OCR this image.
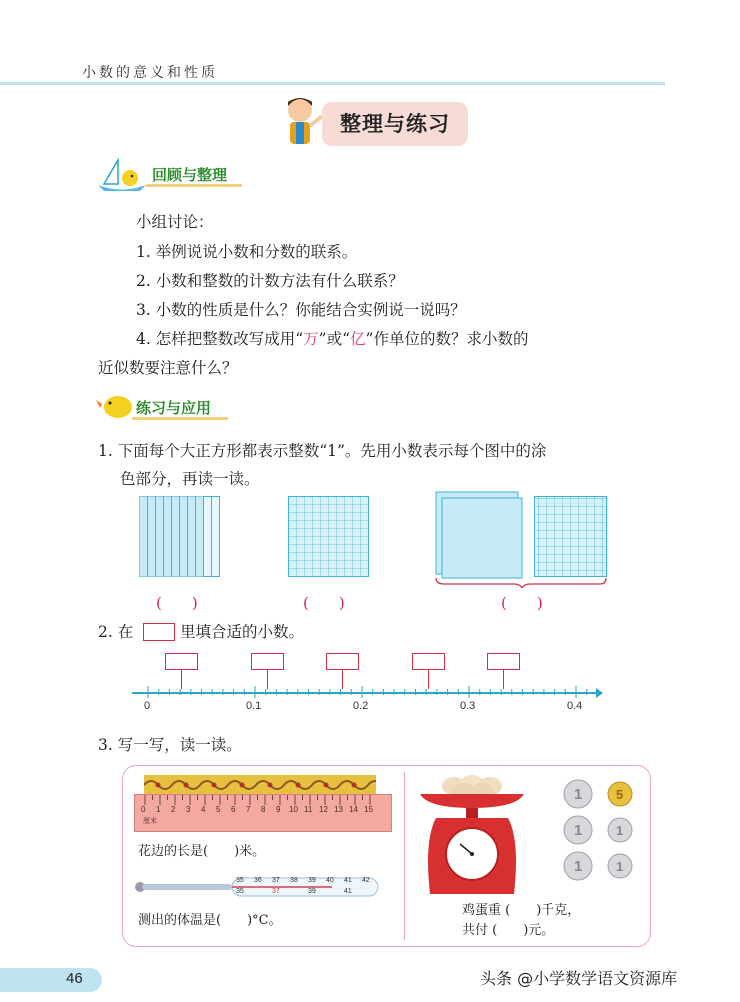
小数的意义和性质
整理与练习
回顾与整理
小组讨论：
1. 举例说说小数和分数的联系。
2. 小数和整数的计数方法有什么联系？
3. 小数的性质是什么？你能结合实例说一说吗？
4. 怎样把整数改写成用“万”或“亿”作单位的数？求小数的
近似数要注意什么？
练习与应用
1. 下面每个大正方形都表示整数“1”。先用小数表示每个图中的涂
色部分，再读一读。
(　　)	(　　)	(　　)
2. 在	里填合适的小数。
0	0.1	0.2	0.3	0.4
3. 写一写，读一读。
0 1 2 3 4 5 6 7 8 9 10 11 12 13 14 15
厘米
花边的长是(　　)米。
35 36 37 38 39 40 41 42
35	37	39	41
测出的体温是(　　)°C。
1
1
1
5
1
1
鸡蛋重 (　　)千克，
共付 (　　)元。
46	头条 @小学数学语文资源库
